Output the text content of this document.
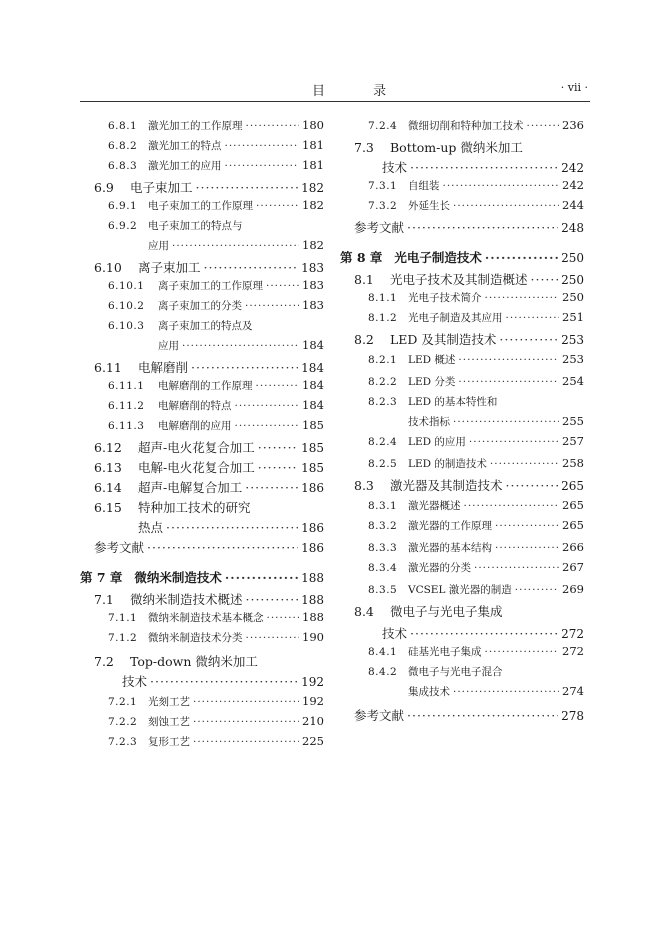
目 录	· vii ·
6.8.1	激光加工的工作原理 ·····	180
6.8.2	激光加工的特点 ·····	181
6.8.3	激光加工的应用 ·····	181
6.9	电子束加工 ·····	182
6.9.1	电子束加工的工作原理 ·····	182
6.9.2	电子束加工的特点与
应用 ·····	182
6.10	离子束加工 ·····	183
6.10.1	离子束加工的工作原理 ·····	183
6.10.2	离子束加工的分类 ·····	183
6.10.3	离子束加工的特点及
应用 ·····	184
6.11	电解磨削 ·····	184
6.11.1	电解磨削的工作原理 ·····	184
6.11.2	电解磨削的特点 ·····	184
6.11.3	电解磨削的应用 ·····	185
6.12	超声-电火花复合加工 ·····	185
6.13	电解-电火花复合加工 ·····	185
6.14	超声-电解复合加工 ·····	186
6.15	特种加工技术的研究
热点 ·····	186
参考文献 ·····	186
第 7 章 微纳米制造技术 ·····	188
7.1	微纳米制造技术概述 ·····	188
7.1.1	微纳米制造技术基本概念 ·····	188
7.1.2	微纳米制造技术分类 ·····	190
7.2	Top-down 微纳米加工
技术 ·····	192
7.2.1	光刻工艺 ·····	192
7.2.2	刻蚀工艺 ·····	210
7.2.3	复形工艺 ·····	225
7.2.4	微细切削和特种加工技术 ·····	236
7.3	Bottom-up 微纳米加工
技术 ·····	242
7.3.1	自组装 ·····	242
7.3.2	外延生长 ·····	244
参考文献 ·····	248
第 8 章 光电子制造技术 ·····	250
8.1	光电子技术及其制造概述 ·····	250
8.1.1	光电子技术简介 ·····	250
8.1.2	光电子制造及其应用 ·····	251
8.2	LED 及其制造技术 ·····	253
8.2.1	LED 概述 ·····	253
8.2.2	LED 分类 ·····	254
8.2.3	LED 的基本特性和
技术指标 ·····	255
8.2.4	LED 的应用 ·····	257
8.2.5	LED 的制造技术 ·····	258
8.3	激光器及其制造技术 ·····	265
8.3.1	激光器概述 ·····	265
8.3.2	激光器的工作原理 ·····	265
8.3.3	激光器的基本结构 ·····	266
8.3.4	激光器的分类 ·····	267
8.3.5	VCSEL 激光器的制造 ·····	269
8.4	微电子与光电子集成
技术 ·····	272
8.4.1	硅基光电子集成 ·····	272
8.4.2	微电子与光电子混合
集成技术 ·····	274
参考文献 ·····	278
